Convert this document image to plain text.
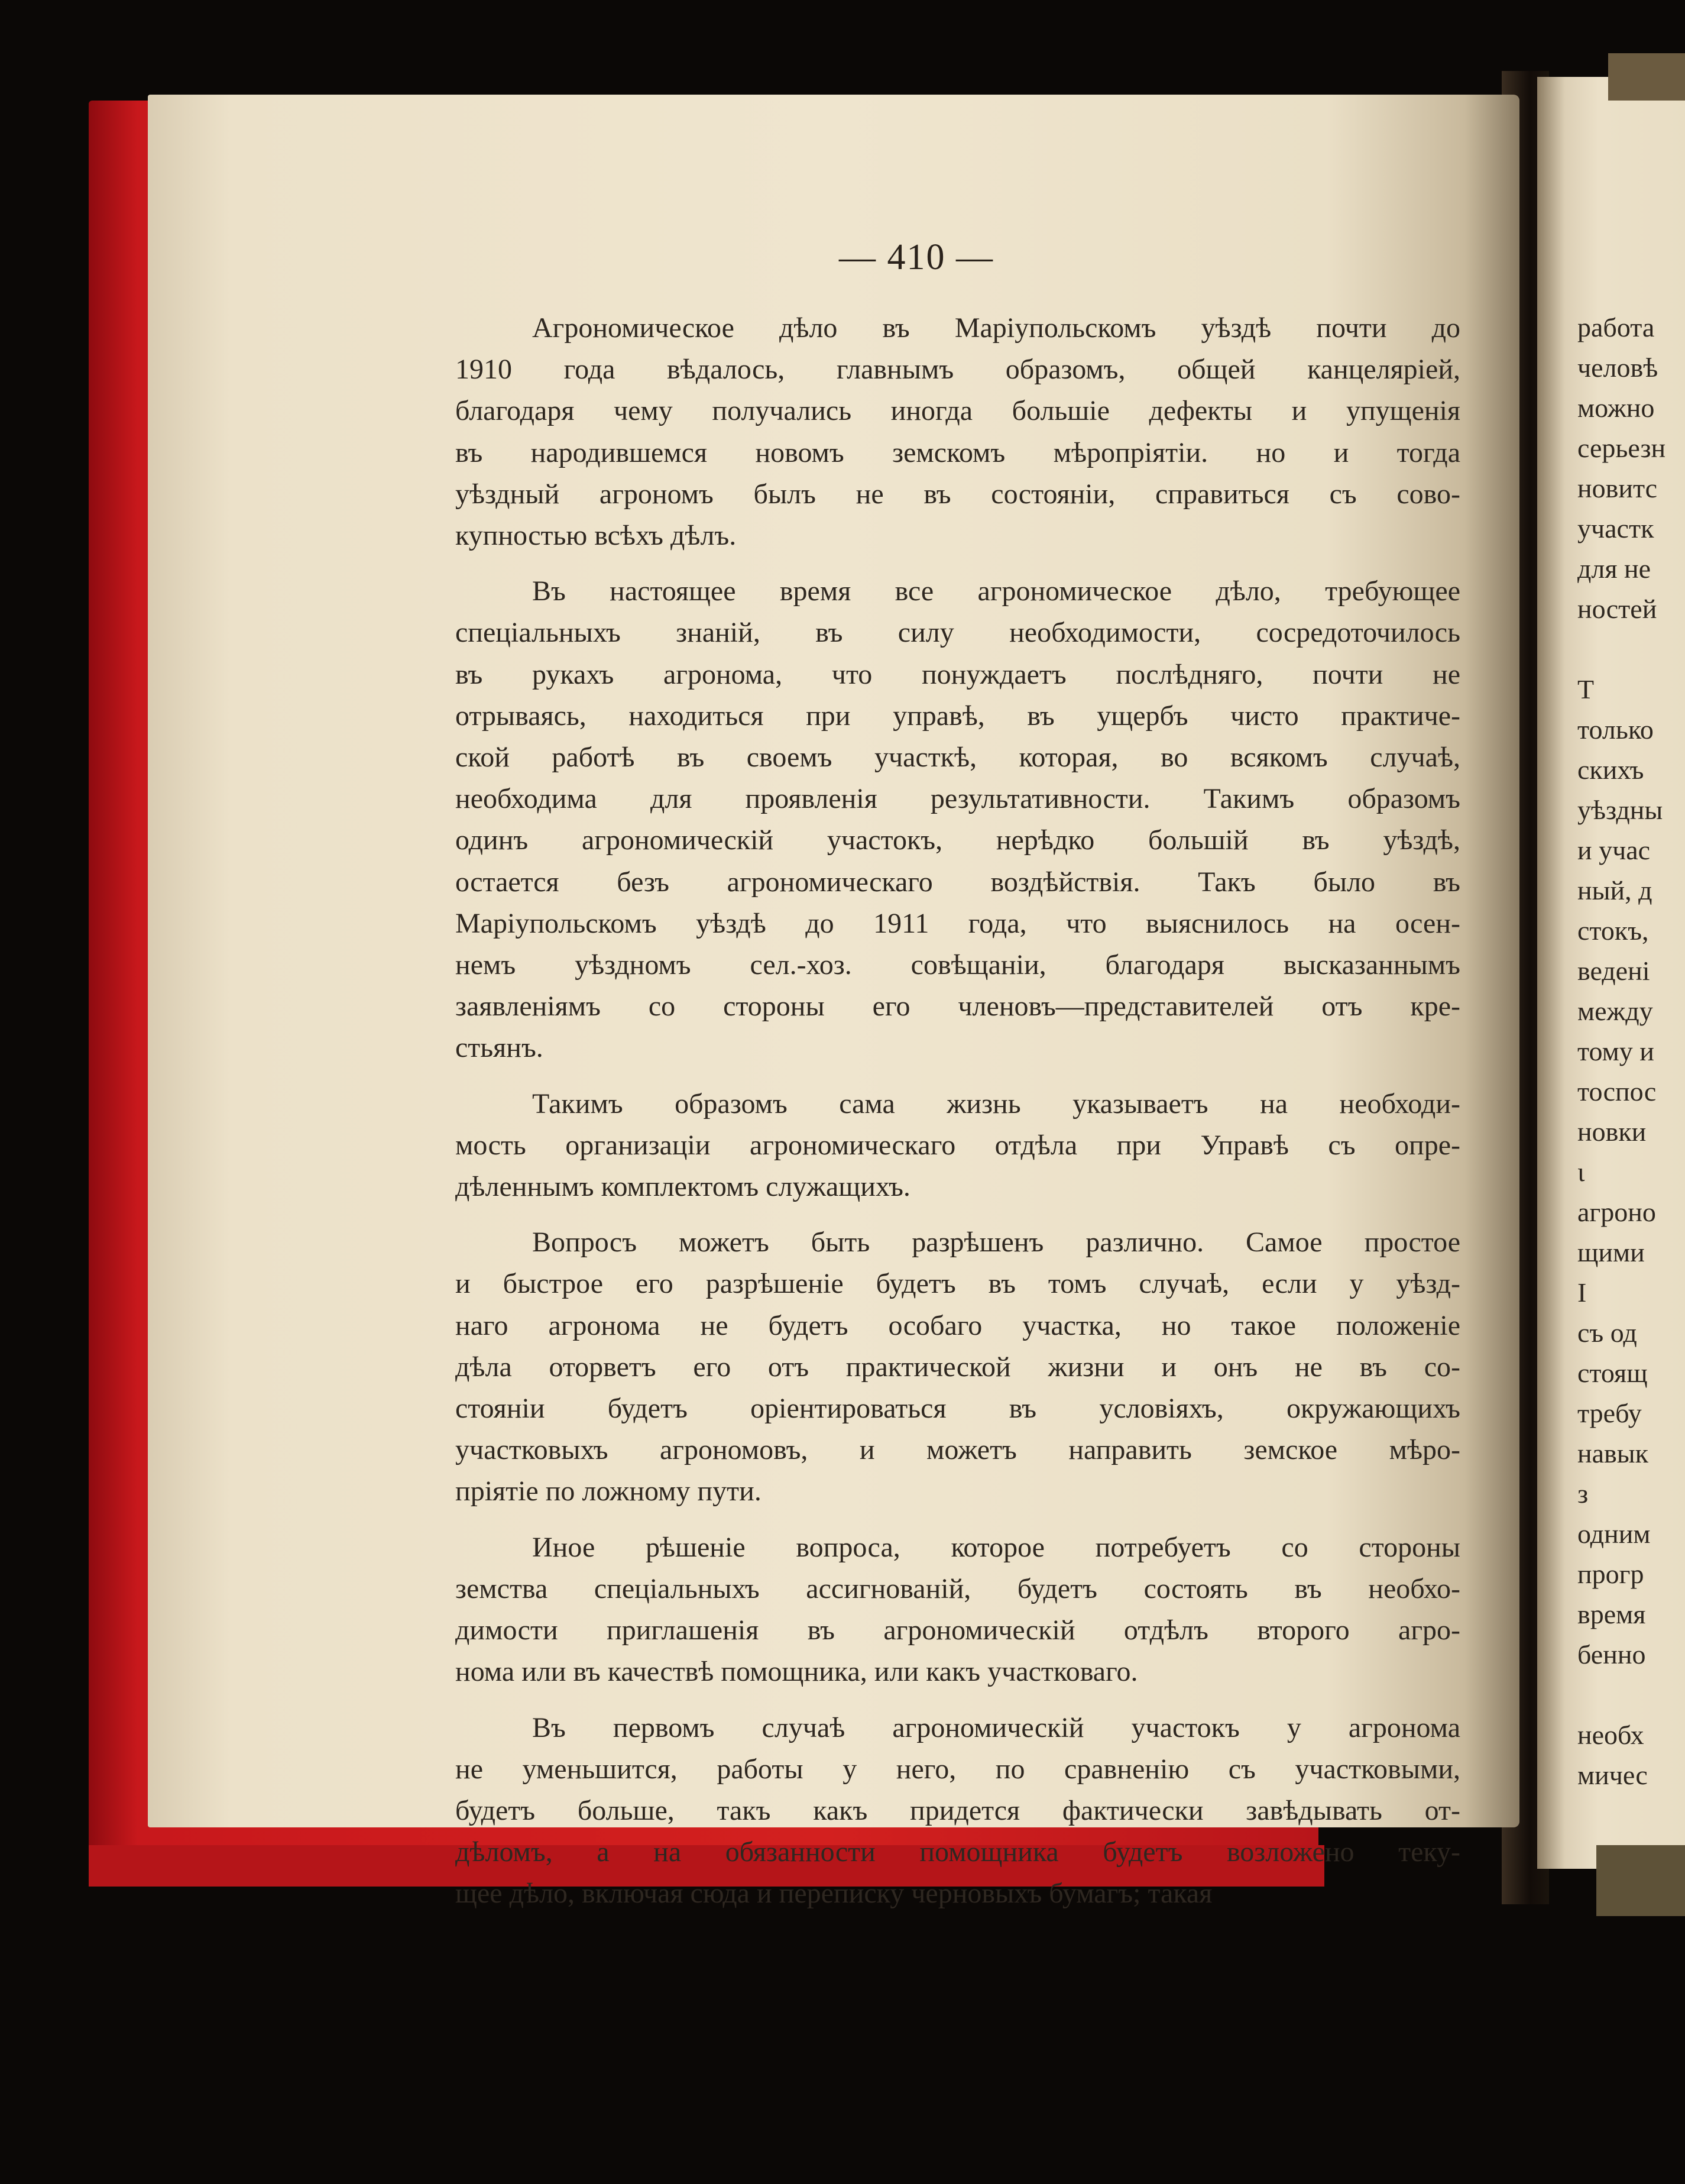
— 410 —
Агрономическое дѣло въ Маріупольскомъ уѣздѣ почти до
1910 года вѣдалось, главнымъ образомъ, общей канцеляріей,
благодаря чему получались иногда большіе дефекты и упущенія
въ народившемся новомъ земскомъ мѣропріятіи. но и тогда
уѣздный агрономъ былъ не въ состояніи, справиться съ сово-
купностью всѣхъ дѣлъ.
Въ настоящее время все агрономическое дѣло, требующее
спеціальныхъ знаній, въ силу необходимости, сосредоточилось
въ рукахъ агронома, что понуждаетъ послѣдняго, почти не
отрываясь, находиться при управѣ, въ ущербъ чисто практиче-
ской работѣ въ своемъ участкѣ, которая, во всякомъ случаѣ,
необходима для проявленія результативности. Такимъ образомъ
одинъ агрономическій участокъ, нерѣдко большій въ уѣздѣ,
остается безъ агрономическаго воздѣйствія. Такъ было въ
Маріупольскомъ уѣздѣ до 1911 года, что выяснилось на осен-
немъ уѣздномъ сел.-хоз. совѣщаніи, благодаря высказаннымъ
заявленіямъ со стороны его членовъ—представителей отъ кре-
стьянъ.
Такимъ образомъ сама жизнь указываетъ на необходи-
мость организаціи агрономическаго отдѣла при Управѣ съ опре-
дѣленнымъ комплектомъ служащихъ.
Вопросъ можетъ быть разрѣшенъ различно. Самое простое
и быстрое его разрѣшеніе будетъ въ томъ случаѣ, если у уѣзд-
наго агронома не будетъ особаго участка, но такое положеніе
дѣла оторветъ его отъ практической жизни и онъ не въ со-
стояніи будетъ оріентироваться въ условіяхъ, окружающихъ
участковыхъ агрономовъ, и можетъ направить земское мѣро-
пріятіе по ложному пути.
Иное рѣшеніе вопроса, которое потребуетъ со стороны
земства спеціальныхъ ассигнованій, будетъ состоять въ необхо-
димости приглашенія въ агрономическій отдѣлъ второго агро-
нома или въ качествѣ помощника, или какъ участковаго.
Въ первомъ случаѣ агрономическій участокъ у агронома
не уменьшится, работы у него, по сравненію съ участковыми,
будетъ больше, такъ какъ придется фактически завѣдывать от-
дѣломъ, а на обязанности помощника будетъ возложено теку-
щее дѣло, включая сюда и переписку черновыхъ бумагъ; такая
работа
человѣ
можно
серьезн
новитс
участк
для не
ностей

Т
только
скихъ
уѣздны
и учас
ный, д
стокъ,
веденi
между
тому и
тоспос
новки
ι
агроно
щими
I
съ од
стоящ
требу
навык
з
одним
прогр
время
бенно

необх
мичес
